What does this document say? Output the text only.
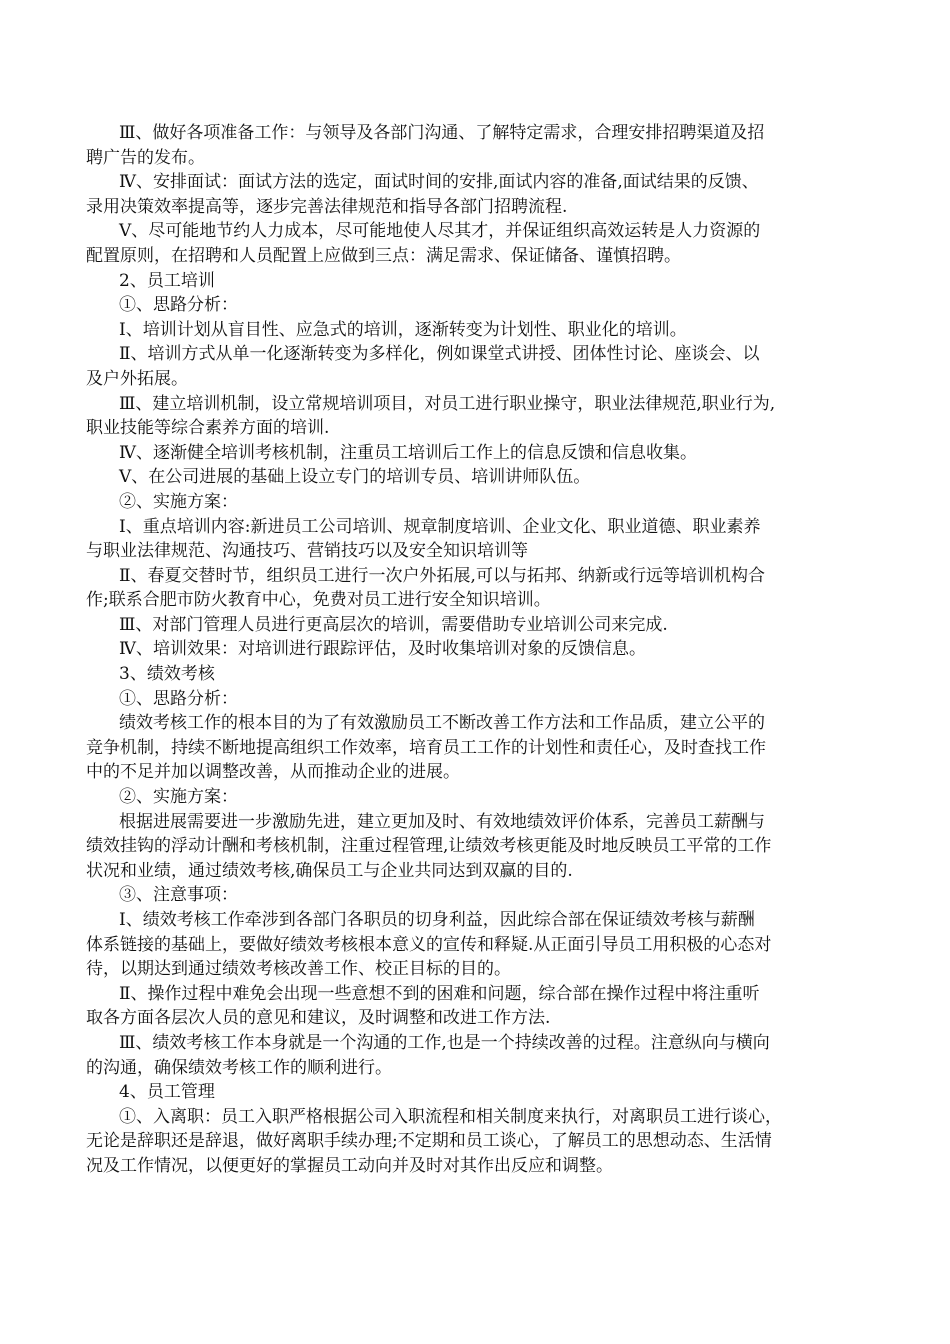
Ⅲ、做好各项准备工作：与领导及各部门沟通、了解特定需求，合理安排招聘渠道及招
聘广告的发布。
Ⅳ、安排面试：面试方法的选定，面试时间的安排,面试内容的准备,面试结果的反馈、
录用决策效率提高等，逐步完善法律规范和指导各部门招聘流程.
Ⅴ、尽可能地节约人力成本，尽可能地使人尽其才，并保证组织高效运转是人力资源的
配置原则，在招聘和人员配置上应做到三点：满足需求、保证储备、谨慎招聘。
2、员工培训
①、思路分析：
Ⅰ、培训计划从盲目性、应急式的培训，逐渐转变为计划性、职业化的培训。
Ⅱ、培训方式从单一化逐渐转变为多样化，例如课堂式讲授、团体性讨论、座谈会、以
及户外拓展。
Ⅲ、建立培训机制，设立常规培训项目，对员工进行职业操守，职业法律规范,职业行为,
职业技能等综合素养方面的培训.
Ⅳ、逐渐健全培训考核机制，注重员工培训后工作上的信息反馈和信息收集。
Ⅴ、在公司进展的基础上设立专门的培训专员、培训讲师队伍。
②、实施方案：
Ⅰ、重点培训内容:新进员工公司培训、规章制度培训、企业文化、职业道德、职业素养
与职业法律规范、沟通技巧、营销技巧以及安全知识培训等
Ⅱ、春夏交替时节，组织员工进行一次户外拓展,可以与拓邦、纳新或行远等培训机构合
作;联系合肥市防火教育中心，免费对员工进行安全知识培训。
Ⅲ、对部门管理人员进行更高层次的培训，需要借助专业培训公司来完成.
Ⅳ、培训效果：对培训进行跟踪评估，及时收集培训对象的反馈信息。
3、绩效考核
①、思路分析：
绩效考核工作的根本目的为了有效激励员工不断改善工作方法和工作品质，建立公平的
竞争机制，持续不断地提高组织工作效率，培育员工工作的计划性和责任心，及时查找工作
中的不足并加以调整改善，从而推动企业的进展。
②、实施方案：
根据进展需要进一步激励先进，建立更加及时、有效地绩效评价体系，完善员工薪酬与
绩效挂钩的浮动计酬和考核机制，注重过程管理,让绩效考核更能及时地反映员工平常的工作
状况和业绩，通过绩效考核,确保员工与企业共同达到双赢的目的.
③、注意事项：
Ⅰ、绩效考核工作牵涉到各部门各职员的切身利益，因此综合部在保证绩效考核与薪酬
体系链接的基础上，要做好绩效考核根本意义的宣传和释疑.从正面引导员工用积极的心态对
待，以期达到通过绩效考核改善工作、校正目标的目的。
Ⅱ、操作过程中难免会出现一些意想不到的困难和问题，综合部在操作过程中将注重听
取各方面各层次人员的意见和建议，及时调整和改进工作方法.
Ⅲ、绩效考核工作本身就是一个沟通的工作,也是一个持续改善的过程。注意纵向与横向
的沟通，确保绩效考核工作的顺利进行。
4、员工管理
①、入离职：员工入职严格根据公司入职流程和相关制度来执行，对离职员工进行谈心，
无论是辞职还是辞退，做好离职手续办理;不定期和员工谈心，了解员工的思想动态、生活情
况及工作情况，以便更好的掌握员工动向并及时对其作出反应和调整。
